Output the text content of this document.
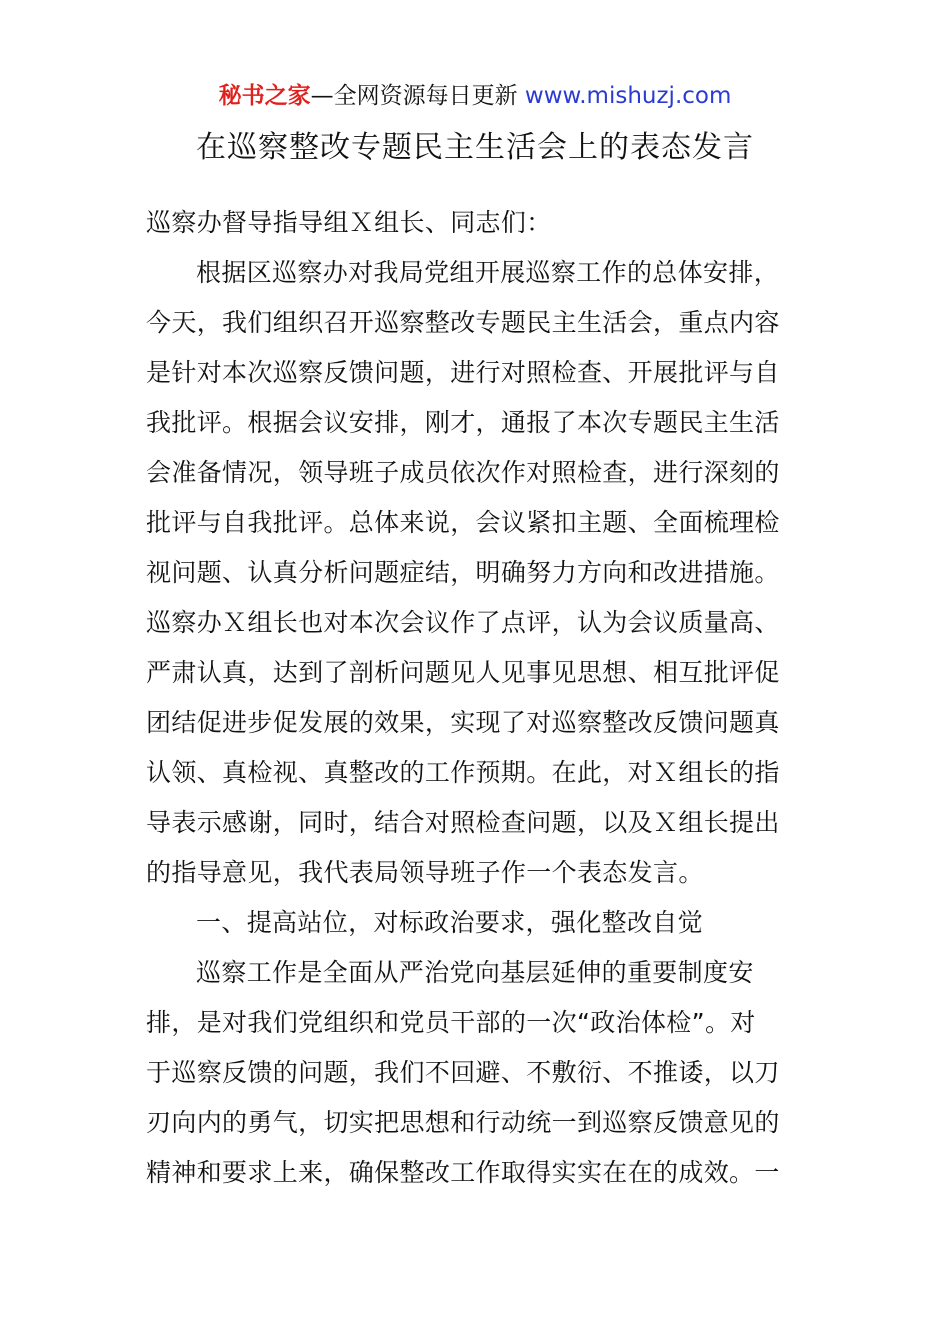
秘书之家—全网资源每日更新 www.mishuzj.com
在巡察整改专题民主生活会上的表态发言

巡察办督导指导组Ｘ组长、同志们：

根据区巡察办对我局党组开展巡察工作的总体安排，
今天，我们组织召开巡察整改专题民主生活会，重点内容
是针对本次巡察反馈问题，进行对照检查、开展批评与自
我批评。根据会议安排，刚才，通报了本次专题民主生活
会准备情况，领导班子成员依次作对照检查，进行深刻的
批评与自我批评。总体来说，会议紧扣主题、全面梳理检
视问题、认真分析问题症结，明确努力方向和改进措施。
巡察办Ｘ组长也对本次会议作了点评，认为会议质量高、
严肃认真，达到了剖析问题见人见事见思想、相互批评促
团结促进步促发展的效果，实现了对巡察整改反馈问题真
认领、真检视、真整改的工作预期。在此，对Ｘ组长的指
导表示感谢，同时，结合对照检查问题，以及Ｘ组长提出
的指导意见，我代表局领导班子作一个表态发言。

一、提高站位，对标政治要求，强化整改自觉

巡察工作是全面从严治党向基层延伸的重要制度安
排，是对我们党组织和党员干部的一次“政治体检”。对
于巡察反馈的问题，我们不回避、不敷衍、不推诿，以刀
刃向内的勇气，切实把思想和行动统一到巡察反馈意见的
精神和要求上来，确保整改工作取得实实在在的成效。一
